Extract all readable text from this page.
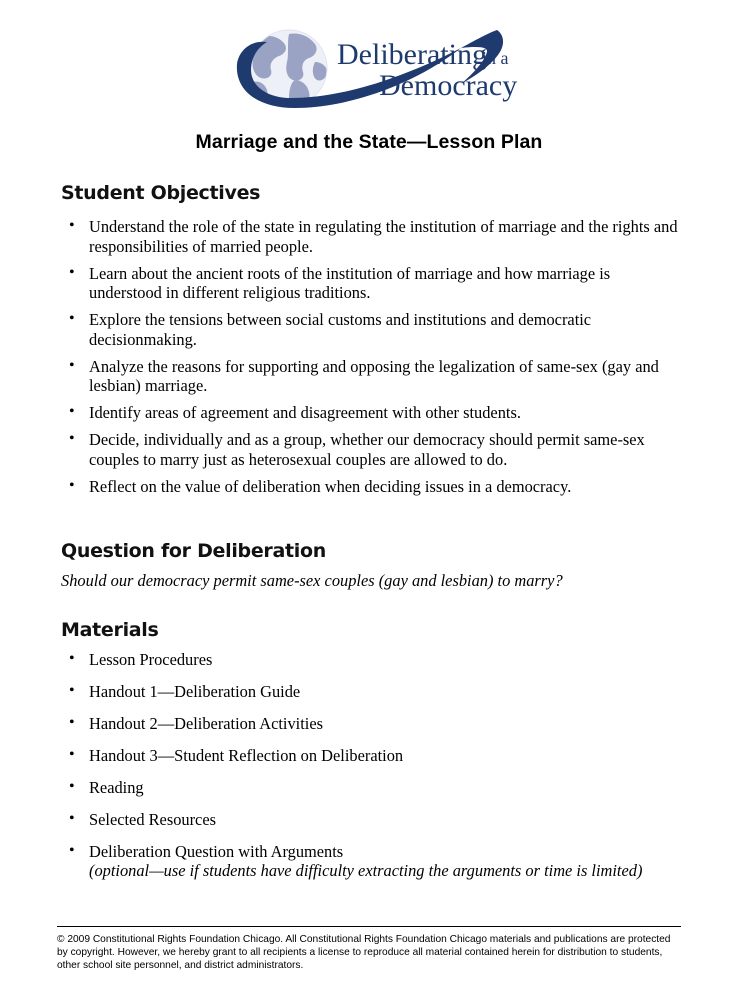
Deliberating
in a
Democracy
Marriage and the State—Lesson Plan
Student Objectives
• Understand the role of the state in regulating the institution of marriage and the rights and responsibilities of married people.
• Learn about the ancient roots of the institution of marriage and how marriage is understood in different religious traditions.
• Explore the tensions between social customs and institutions and democratic decisionmaking.
• Analyze the reasons for supporting and opposing the legalization of same-sex (gay and lesbian) marriage.
• Identify areas of agreement and disagreement with other students.
• Decide, individually and as a group, whether our democracy should permit same-sex couples to marry just as heterosexual couples are allowed to do.
• Reflect on the value of deliberation when deciding issues in a democracy.
Question for Deliberation

Should our democracy permit same-sex couples (gay and lesbian) to marry?

Materials
• Lesson Procedures
• Handout 1—Deliberation Guide
• Handout 2—Deliberation Activities
• Handout 3—Student Reflection on Deliberation
• Reading
• Selected Resources
• Deliberation Question with Arguments
(optional—use if students have difficulty extracting the arguments or time is limited)

© 2009 Constitutional Rights Foundation Chicago. All Constitutional Rights Foundation Chicago materials and publications are protected by copyright. However, we hereby grant to all recipients a license to reproduce all material contained herein for distribution to students, other school site personnel, and district administrators.
